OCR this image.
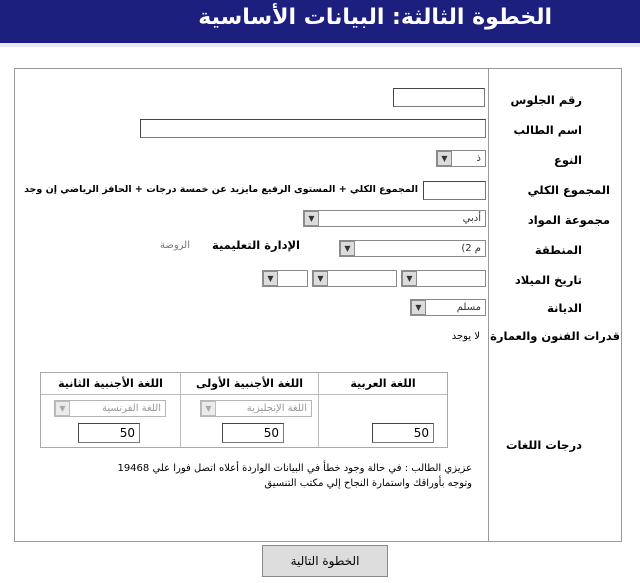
الخطوة الثالثة: البيانات الأساسية
رقم الجلوس
اسم الطالب
النوع
المجموع الكلي
مجموعة المواد
المنطقة
تاريخ الميلاد
الديانة
قدرات الفنون والعمارة
درجات اللغات
ذ
▼
المجموع الكلي + المستوى الرفيع مايزيد عن خمسة درجات + الحافز الرياضي إن وجد
أدبي
▼
م 2)
▼
الإدارة التعليمية
الروضة
▼
▼
▼
مسلم
▼
لا يوجد
اللغة العربية
اللغة الأجنبية الأولى
اللغة الأجنبية الثانية
اللغة الإنجليزية
▼
اللغة الفرنسية
▼
50
50
50
عزيزي الطالب : في حالة وجود خطأ في البيانات الواردة أعلاه اتصل فورا علي 19468
وتوجه بأوراقك واستمارة النجاح إلي مكتب التنسيق
الخطوة التالية
